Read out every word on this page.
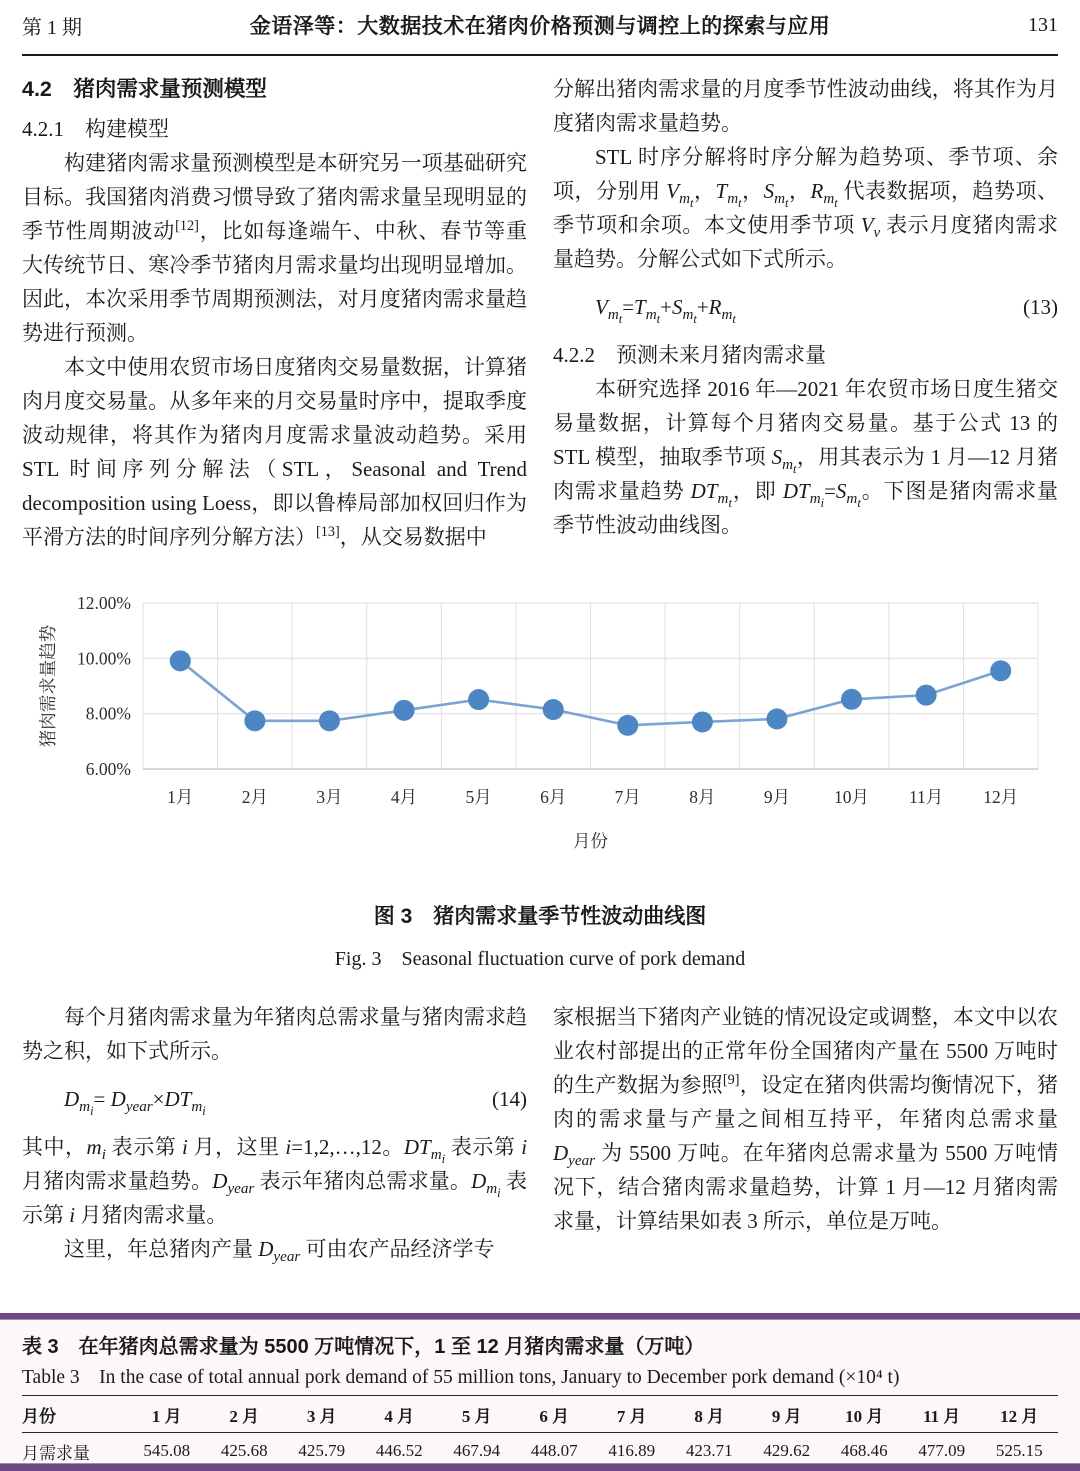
第 1 期	金语泽等：大数据技术在猪肉价格预测与调控上的探索与应用	131
4.2　猪肉需求量预测模型
4.2.1　构建模型

构建猪肉需求量预测模型是本研究另一项基础研究目标。我国猪肉消费习惯导致了猪肉需求量呈现明显的季节性周期波动[12]，比如每逢端午、中秋、春节等重大传统节日、寒冷季节猪肉月需求量均出现明显增加。因此，本次采用季节周期预测法，对月度猪肉需求量趋势进行预测。

本文中使用农贸市场日度猪肉交易量数据，计算猪肉月度交易量。从多年来的月交易量时序中，提取季度波动规律，将其作为猪肉月度需求量波动趋势。采用 STL 时间序列分解法（STL，Seasonal and Trend decomposition using Loess，即以鲁棒局部加权回归作为平滑方法的时间序列分解方法）[13]，从交易数据中

分解出猪肉需求量的月度季节性波动曲线，将其作为月度猪肉需求量趋势。

STL 时序分解将时序分解为趋势项、季节项、余项，分别用 $V_{m_t}$，$T_{m_t}$，$S_{m_t}$，$R_{m_t}$ 代表数据项，趋势项、季节项和余项。本文使用季节项 $V_v$ 表示月度猪肉需求量趋势。分解公式如下式所示。

$V_{m_t}=T_{m_t}+S_{m_t}+R_{m_t}$
(13)
4.2.2　预测未来月猪肉需求量

本研究选择 2016 年—2021 年农贸市场日度生猪交易量数据，计算每个月猪肉交易量。基于公式 13 的 STL 模型，抽取季节项 $S_{m_t}$，用其表示为 1 月—12 月猪肉需求量趋势 $DT_{m_t}$，即 $DT_{m_i}=S_{m_t}$。下图是猪肉需求量季节性波动曲线图。

12.00%
10.00%
8.00%
6.00%
1月	2月	3月	4月	5月	6月	7月	8月	9月	10月 11月 12月
猪肉需求量趋势
月份

图 3　猪肉需求量季节性波动曲线图

Fig. 3　Seasonal fluctuation curve of pork demand

每个月猪肉需求量为年猪肉总需求量与猪肉需求趋势之积，如下式所示。

$D_{m_i}= D_{year}\times DT_{m_i}$
(14)

其中，$m_i$ 表示第 i 月，这里 i=1,2,…,12。$DT_{m_i}$ 表示第 i 月猪肉需求量趋势。$D_{year}$ 表示年猪肉总需求量。$D_{m_i}$ 表示第 i 月猪肉需求量。

这里，年总猪肉产量 $D_{year}$ 可由农产品经济学专

家根据当下猪肉产业链的情况设定或调整，本文中以农业农村部提出的正常年份全国猪肉产量在 5500 万吨时的生产数据为参照[9]，设定在猪肉供需均衡情况下，猪肉的需求量与产量之间相互持平，年猪肉总需求量 $D_{year}$ 为 5500 万吨。在年猪肉总需求量为 5500 万吨情况下，结合猪肉需求量趋势，计算 1 月—12 月猪肉需求量，计算结果如表 3 所示，单位是万吨。

表 3　在年猪肉总需求量为 5500 万吨情况下，1 至 12 月猪肉需求量（万吨）

Table 3　In the case of total annual pork demand of 55 million tons, January to December pork demand (×10⁴ t)

月份	1 月	2 月	3 月	4 月	5 月	6 月	7 月	8 月	9 月	10 月	11 月	12 月
月需求量	545.08	425.68	425.79	446.52	467.94	448.07	416.89	423.71	429.62	468.46	477.09	525.15
